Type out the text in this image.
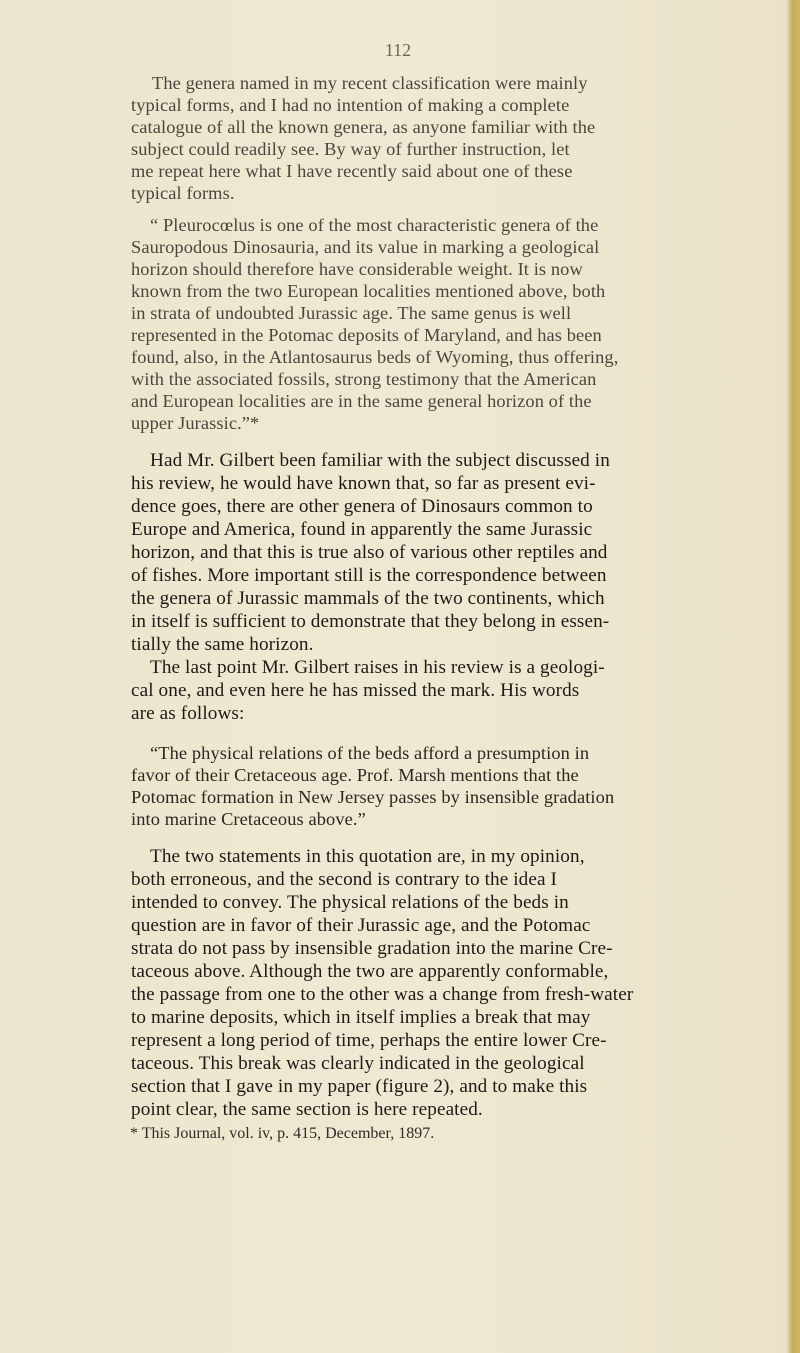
112
The genera named in my recent classification were mainly
typical forms, and I had no intention of making a complete
catalogue of all the known genera, as anyone familiar with the
subject could readily see. By way of further instruction, let
me repeat here what I have recently said about one of these
typical forms.
“ Pleurocœlus is one of the most characteristic genera of the
Sauropodous Dinosauria, and its value in marking a geological
horizon should therefore have considerable weight. It is now
known from the two European localities mentioned above, both
in strata of undoubted Jurassic age. The same genus is well
represented in the Potomac deposits of Maryland, and has been
found, also, in the Atlantosaurus beds of Wyoming, thus offering,
with the associated fossils, strong testimony that the American
and European localities are in the same general horizon of the
upper Jurassic.”*
Had Mr. Gilbert been familiar with the subject discussed in
his review, he would have known that, so far as present evi-
dence goes, there are other genera of Dinosaurs common to
Europe and America, found in apparently the same Jurassic
horizon, and that this is true also of various other reptiles and
of fishes. More important still is the correspondence between
the genera of Jurassic mammals of the two continents, which
in itself is sufficient to demonstrate that they belong in essen-
tially the same horizon.
The last point Mr. Gilbert raises in his review is a geologi-
cal one, and even here he has missed the mark. His words
are as follows:
“The physical relations of the beds afford a presumption in
favor of their Cretaceous age. Prof. Marsh mentions that the
Potomac formation in New Jersey passes by insensible gradation
into marine Cretaceous above.”
The two statements in this quotation are, in my opinion,
both erroneous, and the second is contrary to the idea I
intended to convey. The physical relations of the beds in
question are in favor of their Jurassic age, and the Potomac
strata do not pass by insensible gradation into the marine Cre-
taceous above. Although the two are apparently conformable,
the passage from one to the other was a change from fresh-water
to marine deposits, which in itself implies a break that may
represent a long period of time, perhaps the entire lower Cre-
taceous. This break was clearly indicated in the geological
section that I gave in my paper (figure 2), and to make this
point clear, the same section is here repeated.
* This Journal, vol. iv, p. 415, December, 1897.
